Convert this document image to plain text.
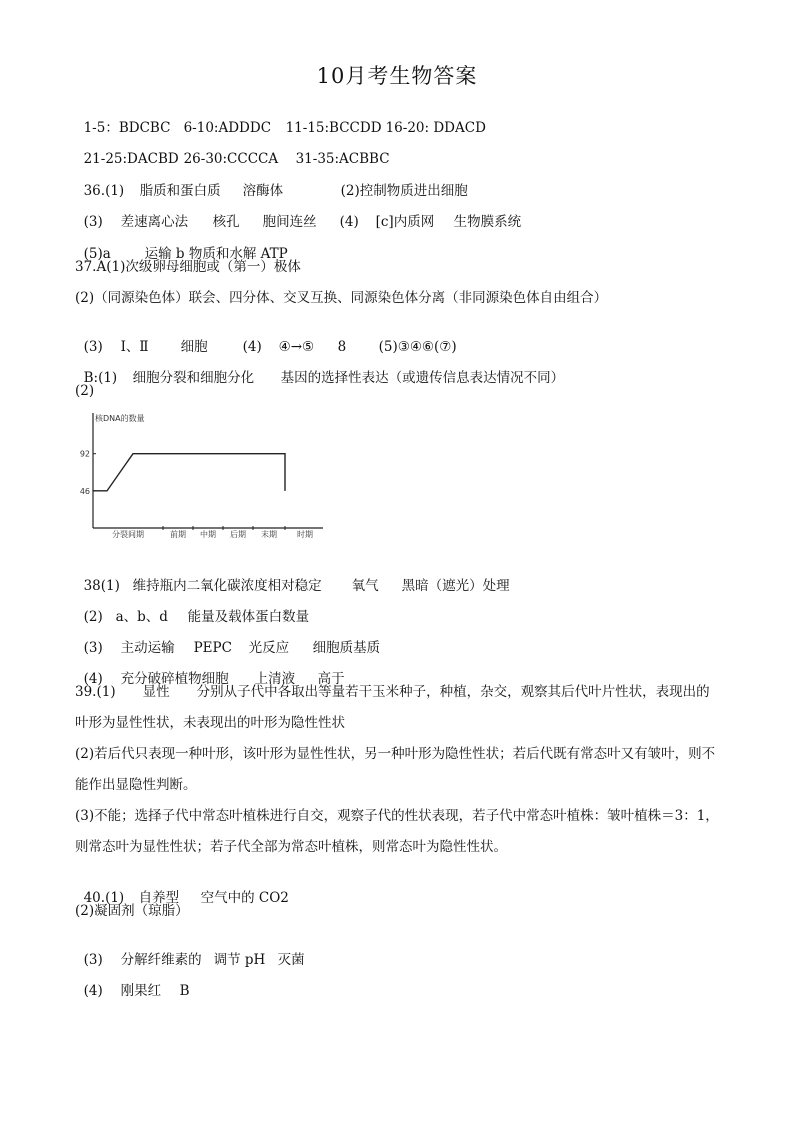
10月考生物答案

1-5：BDCBC 6-10:ADDDC 11-15:BCCDD 16-20: DDACD

21-25:DACBD 26-30:CCCCA 31-35:ACBBC

36.(1) 脂质和蛋白质 溶酶体	(2)控制物质进出细胞

(3) 差速离心法 核孔 胞间连丝 (4) [c]内质网 生物膜系统

(5)a	运输 b 物质和水解 ATP

37.A(1)次级卵母细胞或（第一）极体
(2)（同源染色体）联会、四分体、交叉互换、同源染色体分离（非同源染色体自由组合）

(3) Ⅰ、Ⅱ 细胞	(4) ④→⑤ 8 (5)③④⑥(⑦)

B:(1) 细胞分裂和细胞分化 基因的选择性表达（或遗传信息表达情况不同）

(2)
分裂间期	前期 中期 后期 末期
46
92
核DNA的数量
时期

38(1) 维持瓶内二氧化碳浓度相对稳定 氧气 黑暗（遮光）处理

(2) a、b、d 能量及载体蛋白数量

(3) 主动运输 PEPC 光反应 细胞质基质

(4) 充分破碎植物细胞 上清液 高于

39.(1)　　显性　　分别从子代中各取出等量若干玉米种子，种植，杂交，观察其后代叶片性状，表现出的叶形为显性性状，未表现出的叶形为隐性性状
(2)若后代只表现一种叶形，该叶形为显性性状，另一种叶形为隐性性状；若后代既有常态叶又有皱叶，则不能作出显隐性判断。
(3)不能；选择子代中常态叶植株进行自交，观察子代的性状表现，若子代中常态叶植株：皱叶植株＝3：1，则常态叶为显性性状；若子代全部为常态叶植株，则常态叶为隐性性状。

40.(1) 自养型 空气中的 CO2

(2)凝固剂（琼脂）

(3) 分解纤维素的 调节 pH 灭菌

(4) 刚果红 B
